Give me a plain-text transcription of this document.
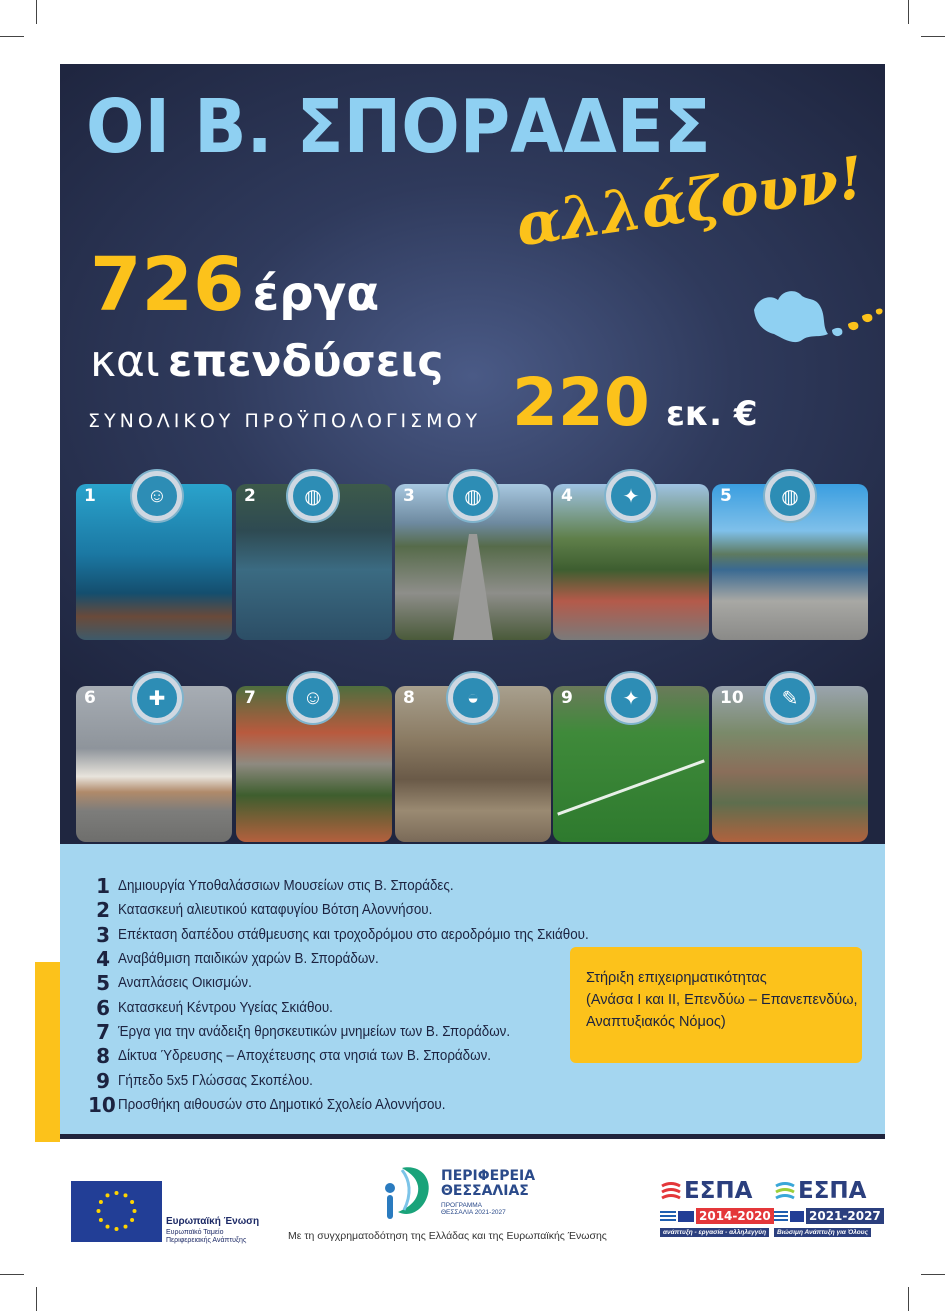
ΟΙ Β. ΣΠΟΡΑΔΕΣ
αλλάζουν!
726 έργα
και επενδύσεις
ΣΥΝΟΛΙΚΟΥ ΠΡΟΫΠΟΛΟΓΙΣΜΟΥ 220 εκ. €
1	2	3	4	5
6	7	8	9	10
☺	◍	◍	✦	◍
✚	☺	◒	✦	✎
1 Δημιουργία Υποθαλάσσιων Μουσείων στις Β. Σποράδες.
2 Κατασκευή αλιευτικού καταφυγίου Βότση Αλοννήσου.
3 Επέκταση δαπέδου στάθμευσης και τροχοδρόμου στο αεροδρόμιο της Σκιάθου.
4 Αναβάθμιση παιδικών χαρών Β. Σποράδων.
5 Αναπλάσεις Οικισμών.
6 Κατασκευή Κέντρου Υγείας Σκιάθου.
7 Έργα για την ανάδειξη θρησκευτικών μνημείων των Β. Σποράδων.
8 Δίκτυα Ύδρευσης – Αποχέτευσης στα νησιά των Β. Σποράδων.
9 Γήπεδο 5x5 Γλώσσας Σκοπέλου.
10 Προσθήκη αιθουσών στο Δημοτικό Σχολείο Αλοννήσου.
Στήριξη επιχειρηματικότητας
(Ανάσα Ι και ΙΙ, Επενδύω – Επανεπενδύω,
Αναπτυξιακός Νόμος)
Ευρωπαϊκή Ένωση
Ευρωπαϊκό Ταμείο
Περιφερειακής Ανάπτυξης
ΠΕΡΙΦΕΡΕΙΑ
ΘΕΣΣΑΛΙΑΣ
ΠΡΟΓΡΑΜΜΑ
ΘΕΣΣΑΛΙΑ 2021-2027
Με τη συγχρηματοδότηση της Ελλάδας και της Ευρωπαϊκής Ένωσης
ΕΣΠΑ
2014-2020
ανάπτυξη - εργασία - αλληλεγγύη
ΕΣΠΑ
2021-2027
Βιώσιμη Ανάπτυξη για Όλους
